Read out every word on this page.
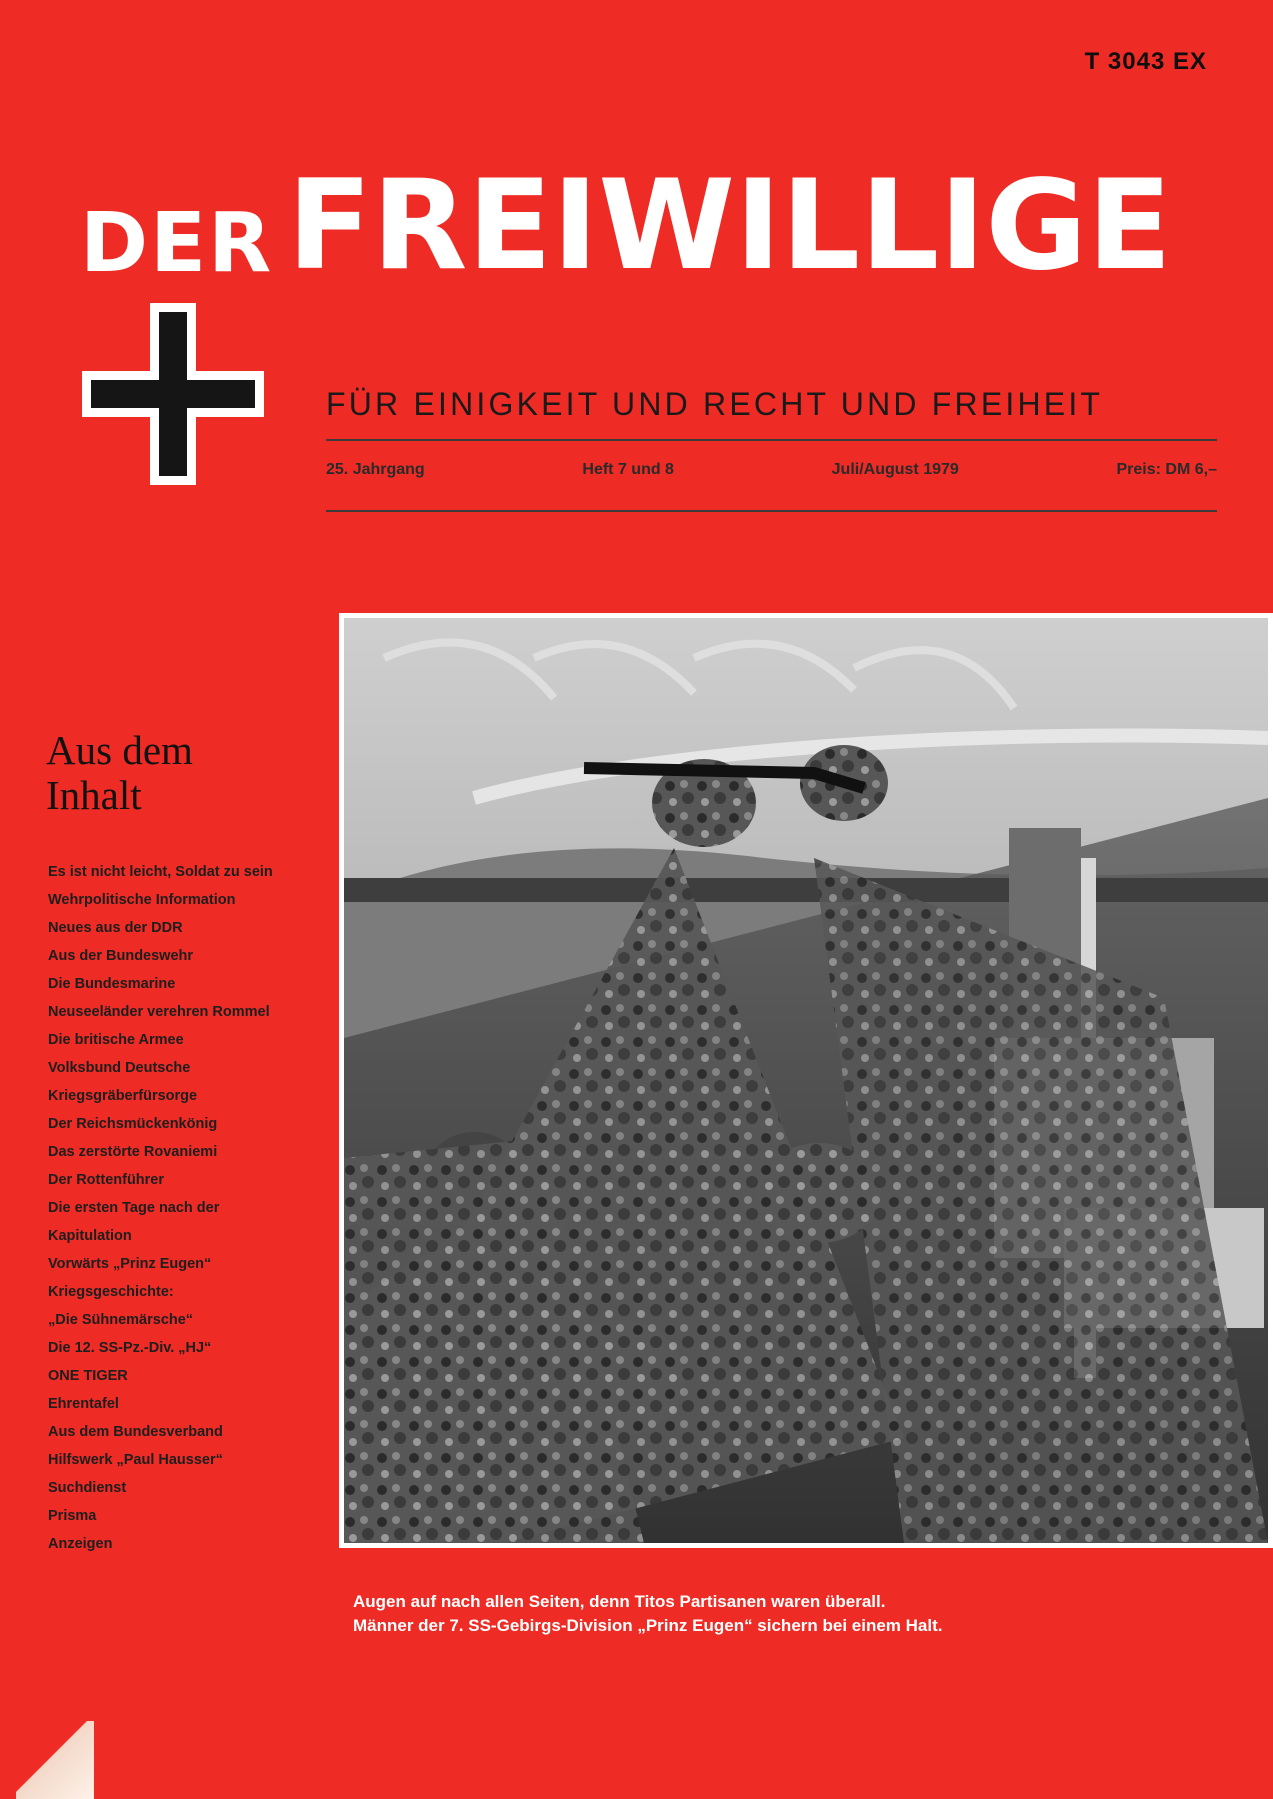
T 3043 EX
DER FREIWILLIGE
FÜR EINIGKEIT UND RECHT UND FREIHEIT
25. Jahrgang	Heft 7 und 8	Juli/August 1979	Preis: DM 6,–
Aus dem
Inhalt
Es ist nicht leicht, Soldat zu sein
Wehrpolitische Information
Neues aus der DDR
Aus der Bundeswehr
Die Bundesmarine
Neuseeländer verehren Rommel
Die britische Armee
Volksbund Deutsche
Kriegsgräberfürsorge
Der Reichsmückenkönig
Das zerstörte Rovaniemi
Der Rottenführer
Die ersten Tage nach der
Kapitulation
Vorwärts „Prinz Eugen“
Kriegsgeschichte:
„Die Sühnemärsche“
Die 12. SS-Pz.-Div. „HJ“
ONE TIGER
Ehrentafel
Aus dem Bundesverband
Hilfswerk „Paul Hausser“
Suchdienst
Prisma
Anzeigen
Augen auf nach allen Seiten, denn Titos Partisanen waren überall.
Männer der 7. SS-Gebirgs-Division „Prinz Eugen“ sichern bei einem Halt.
